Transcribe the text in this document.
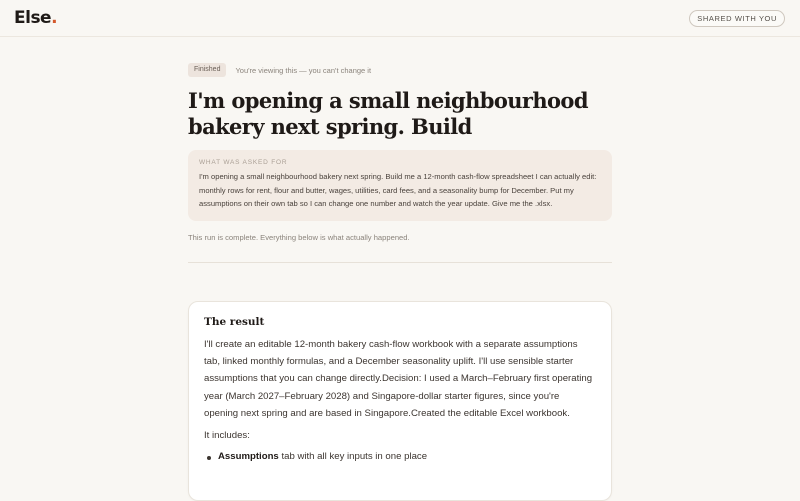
Else.	SHARED WITH YOU
Finished	You're viewing this — you can't change it
I'm opening a small neighbourhood bakery next spring. Build
WHAT WAS ASKED FOR
I'm opening a small neighbourhood bakery next spring. Build me a 12-month cash-flow spreadsheet I can actually edit: monthly rows for rent, flour and butter, wages, utilities, card fees, and a seasonality bump for December. Put my assumptions on their own tab so I can change one number and watch the year update. Give me the .xlsx.
This run is complete. Everything below is what actually happened.
The result
I'll create an editable 12-month bakery cash-flow workbook with a separate assumptions tab, linked monthly formulas, and a December seasonality uplift. I'll use sensible starter assumptions that you can change directly.Decision: I used a March–February first operating year (March 2027–February 2028) and Singapore-dollar starter figures, since you're opening next spring and are based in Singapore.Created the editable Excel workbook.
It includes:
Assumptions tab with all key inputs in one place
